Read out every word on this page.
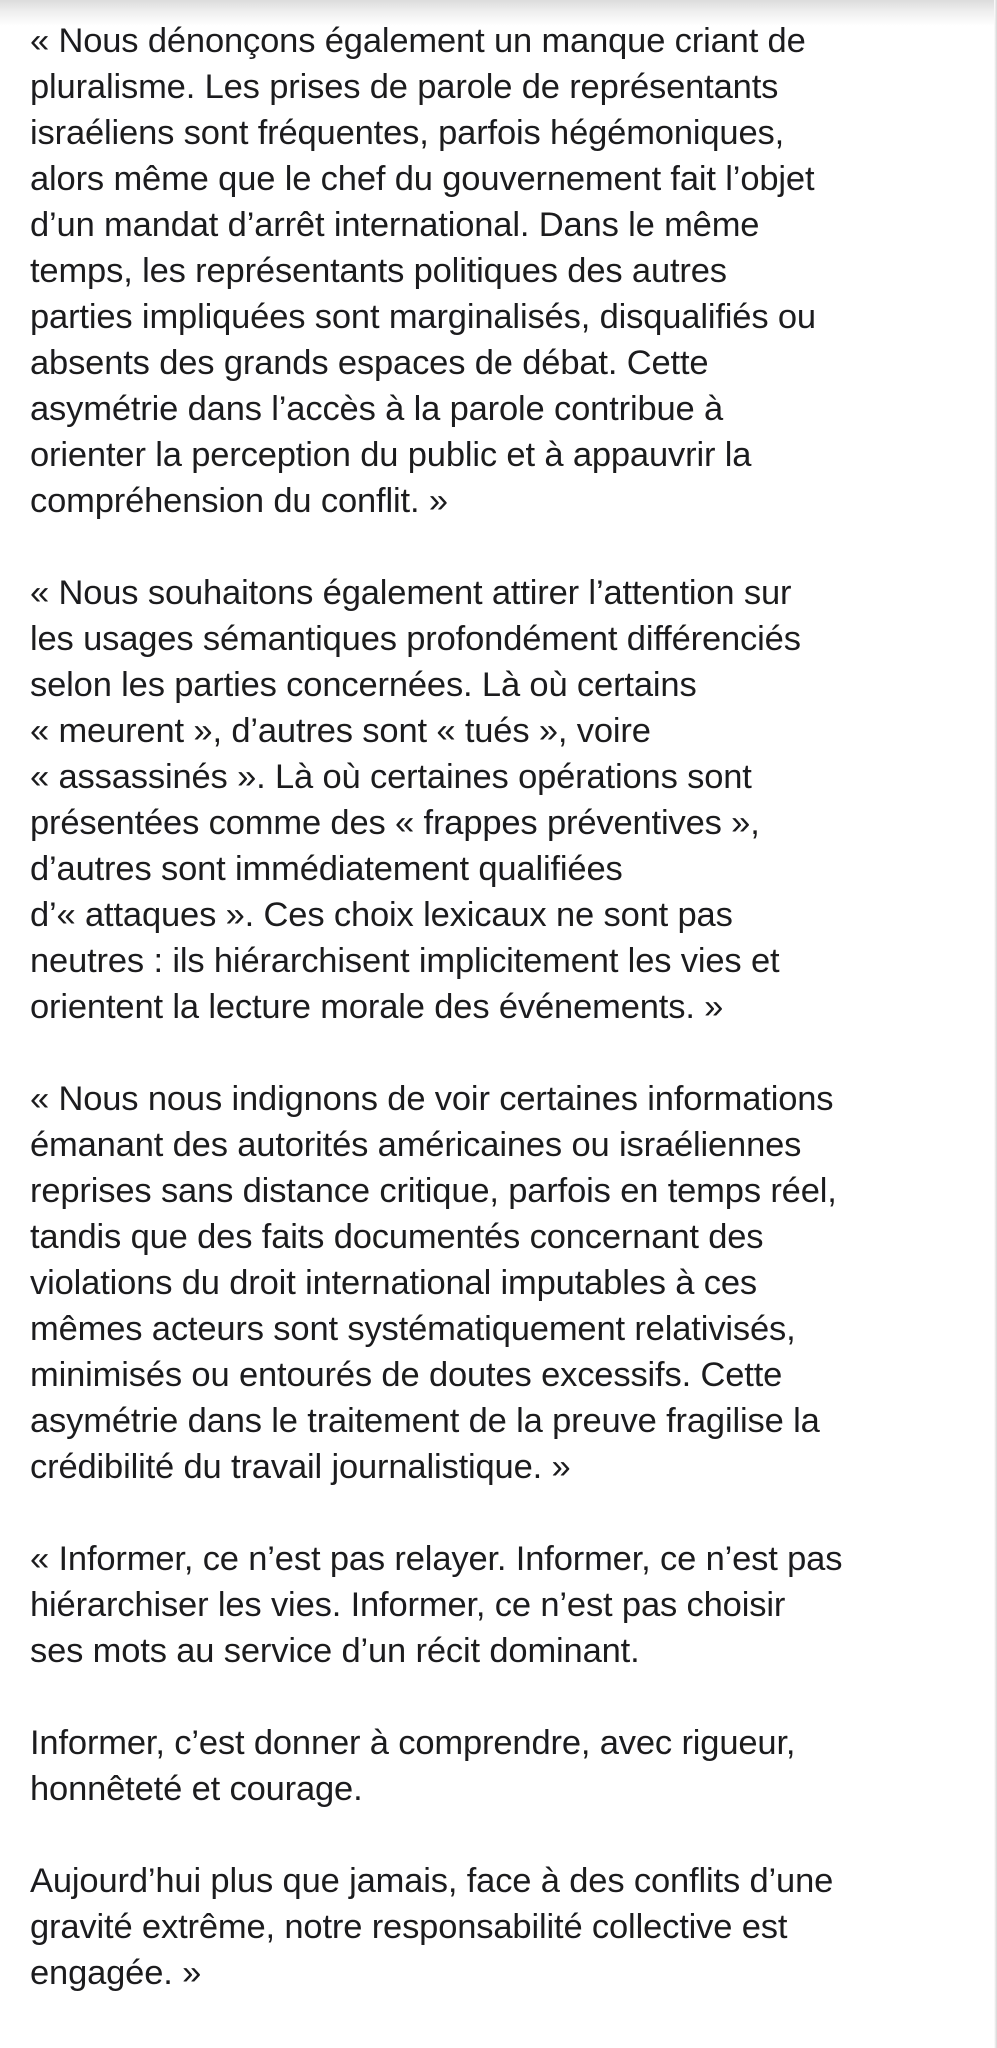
« Nous dénonçons également un manque criant de
pluralisme. Les prises de parole de représentants
israéliens sont fréquentes, parfois hégémoniques,
alors même que le chef du gouvernement fait l’objet
d’un mandat d’arrêt international. Dans le même
temps, les représentants politiques des autres
parties impliquées sont marginalisés, disqualifiés ou
absents des grands espaces de débat. Cette
asymétrie dans l’accès à la parole contribue à
orienter la perception du public et à appauvrir la
compréhension du conflit. »

« Nous souhaitons également attirer l’attention sur
les usages sémantiques profondément différenciés
selon les parties concernées. Là où certains
« meurent », d’autres sont « tués », voire
« assassinés ». Là où certaines opérations sont
présentées comme des « frappes préventives »,
d’autres sont immédiatement qualifiées
d’« attaques ». Ces choix lexicaux ne sont pas
neutres : ils hiérarchisent implicitement les vies et
orientent la lecture morale des événements. »

« Nous nous indignons de voir certaines informations
émanant des autorités américaines ou israéliennes
reprises sans distance critique, parfois en temps réel,
tandis que des faits documentés concernant des
violations du droit international imputables à ces
mêmes acteurs sont systématiquement relativisés,
minimisés ou entourés de doutes excessifs. Cette
asymétrie dans le traitement de la preuve fragilise la
crédibilité du travail journalistique. »

« Informer, ce n’est pas relayer. Informer, ce n’est pas
hiérarchiser les vies. Informer, ce n’est pas choisir
ses mots au service d’un récit dominant.

Informer, c’est donner à comprendre, avec rigueur,
honnêteté et courage.

Aujourd’hui plus que jamais, face à des conflits d’une
gravité extrême, notre responsabilité collective est
engagée. »
